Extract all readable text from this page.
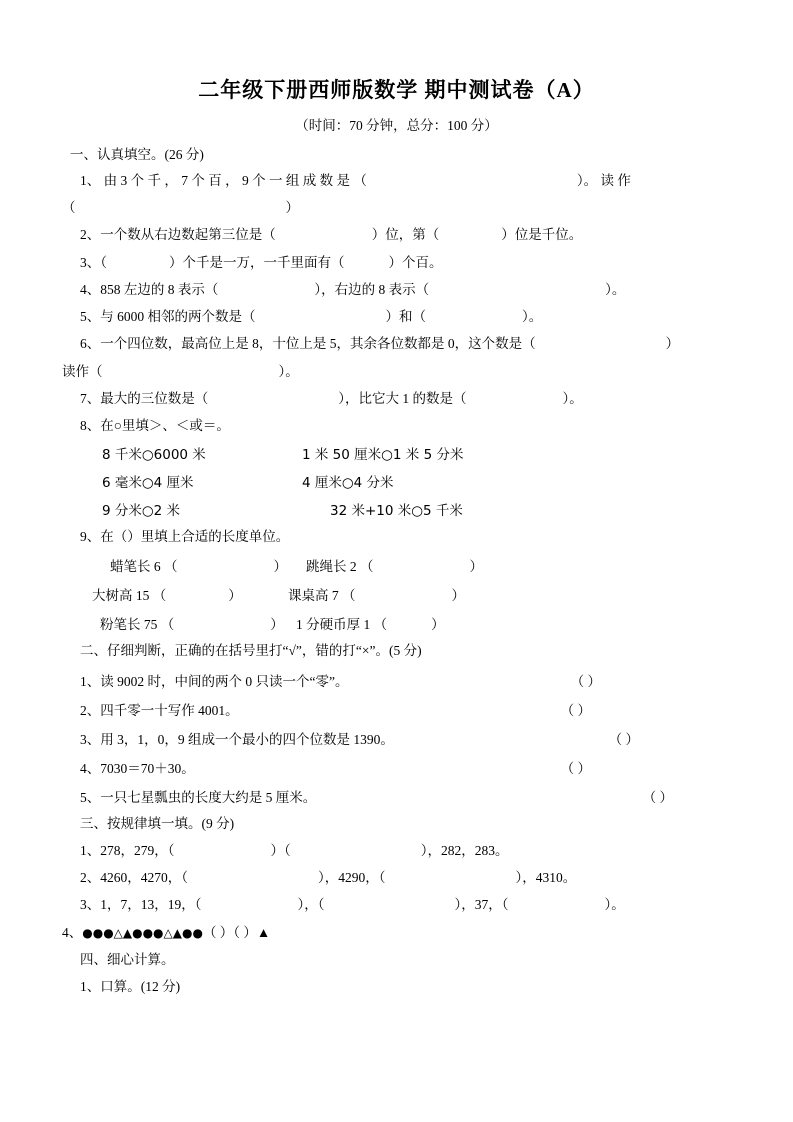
二年级下册西师版数学 期中测试卷（A）
（时间：70 分钟，总分：100 分）
一、认真填空。(26 分)
1、 由 3 个 千 ， 7 个 百 ， 9 个 一 组 成 数 是 （	）。 读 作
（	）
2、一个数从右边数起第三位是（	）位，第（	）位是千位。
3、（	）个千是一万，一千里面有（	）个百。
4、858 左边的 8 表示（	），右边的 8 表示（	）。
5、与 6000 相邻的两个数是（	）和（	）。
6、一个四位数，最高位上是 8，十位上是 5，其余各位数都是 0，这个数是（	）
读作（	）。
7、最大的三位数是（	），比它大 1 的数是（	）。
8、在○里填＞、＜或＝。
8 千米○6000 米	1 米 50 厘米○1 米 5 分米
6 毫米○4 厘米	4 厘米○4 分米
9 分米○2 米	32 米+10 米○5 千米
9、在（）里填上合适的长度单位。
蜡笔长 6 （	）	跳绳长 2 （	）
大树高 15 （	）	课桌高 7 （	）
粉笔长 75 （	） 1 分硬币厚 1 （	）
二、仔细判断，正确的在括号里打“√”，错的打“×”。(5 分)
1、读 9002 时，中间的两个 0 只读一个“零”。	（ ）
2、四千零一十写作 4001。	（ ）
3、用 3，1，0，9 组成一个最小的四个位数是 1390。	（ ）
4、7030＝70＋30。	（ ）
5、一只七星瓢虫的长度大约是 5 厘米。	（ ）
三、按规律填一填。(9 分)
1、278，279，（	）（	），282，283。
2、4260，4270，（	），4290，（	），4310。
3、1，7，13，19，（	），（	），37，（	）。
4、●●●△▲●●●△▲●●（ ）（ ）▲
四、细心计算。
1、口算。(12 分)
